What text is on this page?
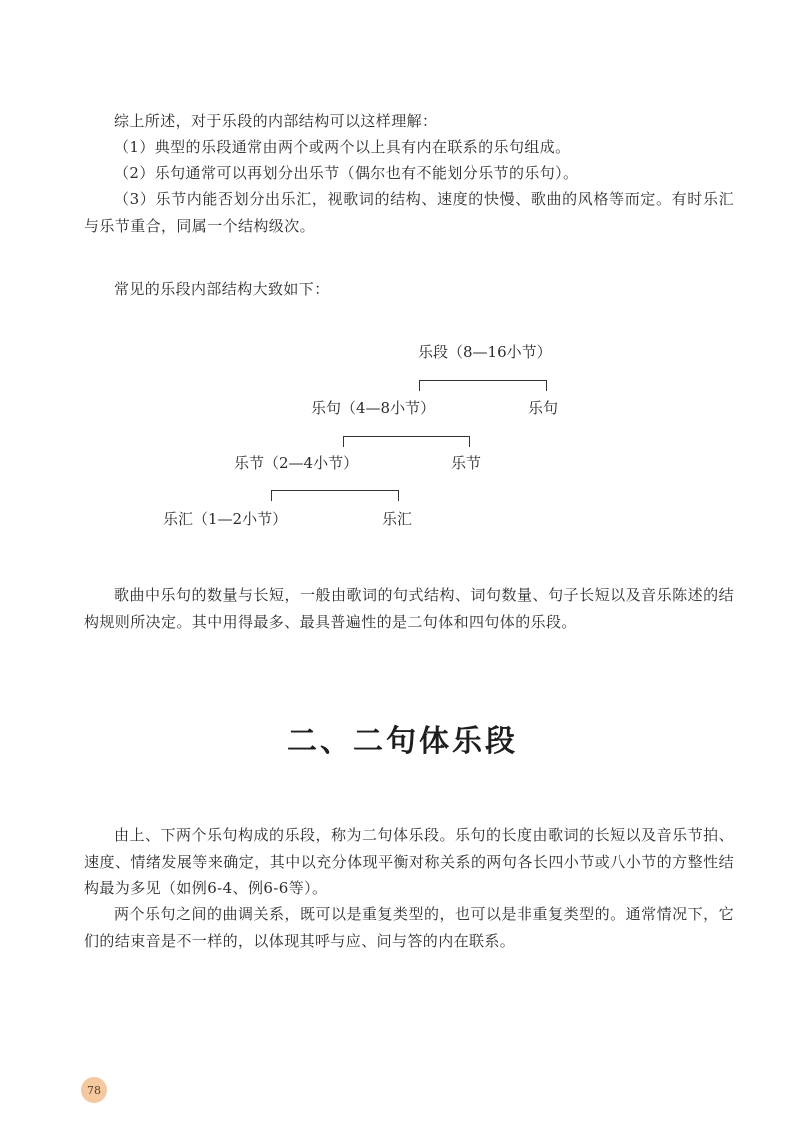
综上所述，对于乐段的内部结构可以这样理解：

（1）典型的乐段通常由两个或两个以上具有内在联系的乐句组成。

（2）乐句通常可以再划分出乐节（偶尔也有不能划分乐节的乐句）。

（3）乐节内能否划分出乐汇，视歌词的结构、速度的快慢、歌曲的风格等而定。有时乐汇与乐节重合，同属一个结构级次。

常见的乐段内部结构大致如下：

乐段（8—16小节）
乐句（4—8小节）	乐句
乐节（2—4小节）	乐节
乐汇（1—2小节）	乐汇

歌曲中乐句的数量与长短，一般由歌词的句式结构、词句数量、句子长短以及音乐陈述的结构规则所决定。其中用得最多、最具普遍性的是二句体和四句体的乐段。

二、二句体乐段

由上、下两个乐句构成的乐段，称为二句体乐段。乐句的长度由歌词的长短以及音乐节拍、速度、情绪发展等来确定，其中以充分体现平衡对称关系的两句各长四小节或八小节的方整性结构最为多见（如例6-4、例6-6等）。

两个乐句之间的曲调关系，既可以是重复类型的，也可以是非重复类型的。通常情况下，它们的结束音是不一样的，以体现其呼与应、问与答的内在联系。

78
